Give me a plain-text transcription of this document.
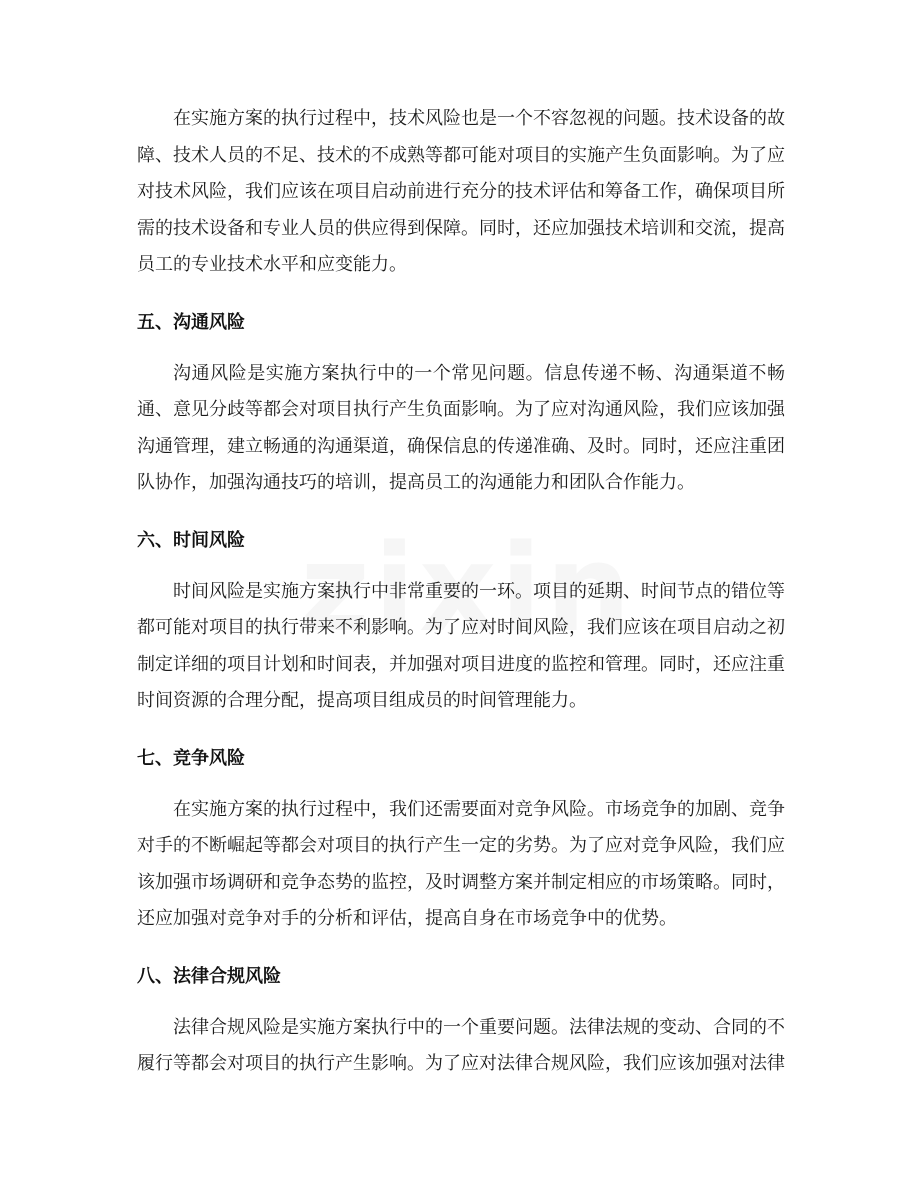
在实施方案的执行过程中，技术风险也是一个不容忽视的问题。技术设备的故障、技术人员的不足、技术的不成熟等都可能对项目的实施产生负面影响。为了应对技术风险，我们应该在项目启动前进行充分的技术评估和筹备工作，确保项目所需的技术设备和专业人员的供应得到保障。同时，还应加强技术培训和交流，提高员工的专业技术水平和应变能力。

五、沟通风险

沟通风险是实施方案执行中的一个常见问题。信息传递不畅、沟通渠道不畅通、意见分歧等都会对项目执行产生负面影响。为了应对沟通风险，我们应该加强沟通管理，建立畅通的沟通渠道，确保信息的传递准确、及时。同时，还应注重团队协作，加强沟通技巧的培训，提高员工的沟通能力和团队合作能力。

六、时间风险

时间风险是实施方案执行中非常重要的一环。项目的延期、时间节点的错位等都可能对项目的执行带来不利影响。为了应对时间风险，我们应该在项目启动之初制定详细的项目计划和时间表，并加强对项目进度的监控和管理。同时，还应注重时间资源的合理分配，提高项目组成员的时间管理能力。

七、竞争风险

在实施方案的执行过程中，我们还需要面对竞争风险。市场竞争的加剧、竞争对手的不断崛起等都会对项目的执行产生一定的劣势。为了应对竞争风险，我们应该加强市场调研和竞争态势的监控，及时调整方案并制定相应的市场策略。同时，还应加强对竞争对手的分析和评估，提高自身在市场竞争中的优势。

八、法律合规风险

法律合规风险是实施方案执行中的一个重要问题。法律法规的变动、合同的不履行等都会对项目的执行产生影响。为了应对法律合规风险，我们应该加强对法律
